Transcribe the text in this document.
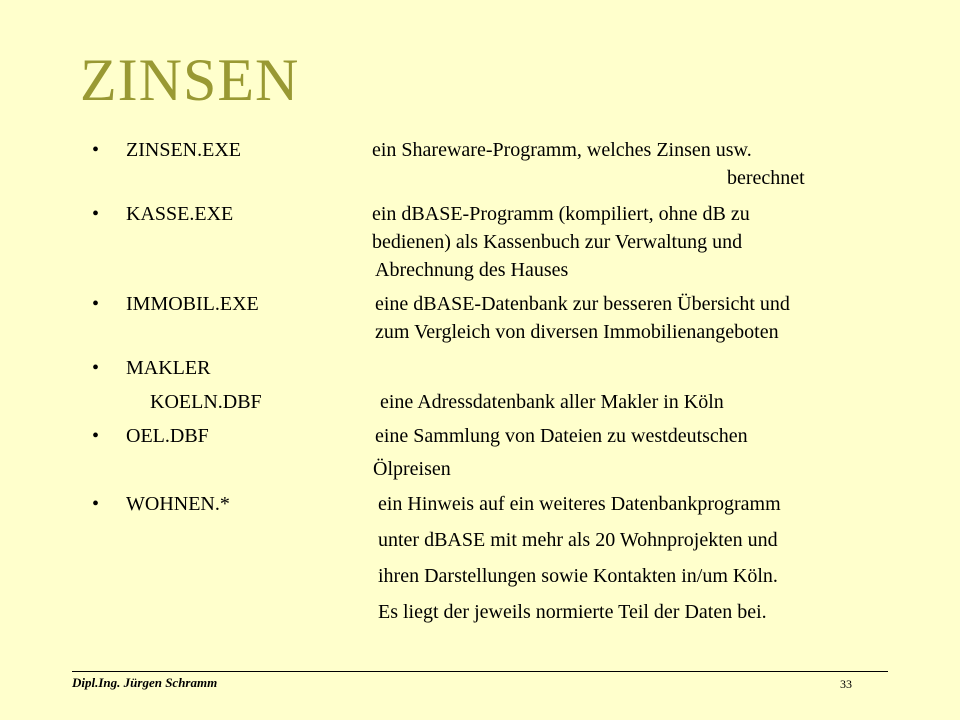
ZINSEN
• ZINSEN.EXE	ein Shareware-Programm, welches Zinsen usw.
berechnet
• KASSE.EXE	ein dBASE-Programm (kompiliert, ohne dB zu
bedienen) als Kassenbuch zur Verwaltung und
Abrechnung des Hauses
• IMMOBIL.EXE	eine dBASE-Datenbank zur besseren Übersicht und
zum Vergleich von diversen Immobilienangeboten
• MAKLER
KOELN.DBF	eine Adressdatenbank aller Makler in Köln
• OEL.DBF	eine Sammlung von Dateien zu westdeutschen
Ölpreisen
• WOHNEN.*	ein Hinweis auf ein weiteres Datenbankprogramm
unter dBASE mit mehr als 20 Wohnprojekten und
ihren Darstellungen sowie Kontakten in/um Köln.
Es liegt der jeweils normierte Teil der Daten bei.
Dipl.Ing. Jürgen Schramm	33
